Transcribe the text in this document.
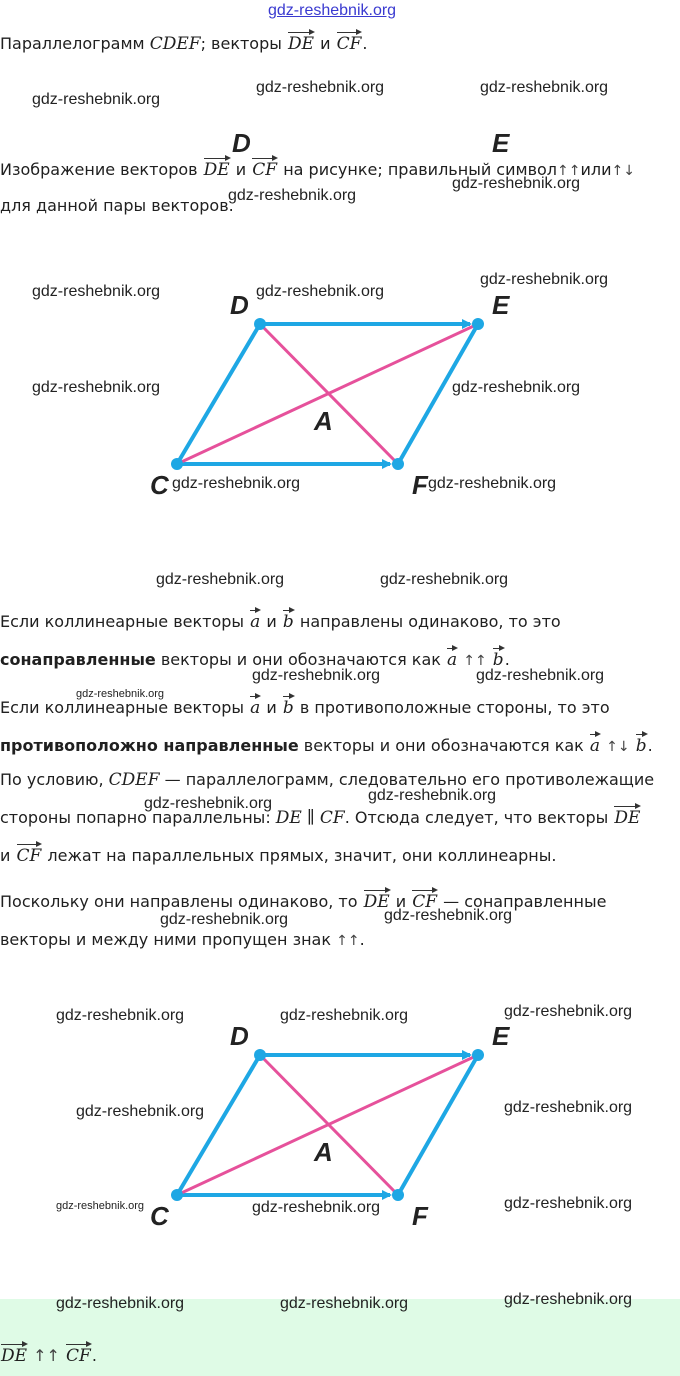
gdz-reshebnik.org
Параллелограмм CDEF; векторы DE и CF.
D	E
Изображение векторов DE и CF на рисунке; правильный символ↑↑или↑↓
для данной пары векторов.
D	E
A
C	F
Если коллинеарные векторы a и b направлены одинаково, то это
сонаправленные векторы и они обозначаются как a ↑↑ b.
Если коллинеарные векторы a и b в противоположные стороны, то это
противоположно направленные векторы и они обозначаются как a ↑↓ b.
По условию, CDEF — параллелограмм, следовательно его противолежащие
стороны попарно параллельны: DE ∥ CF. Отсюда следует, что векторы DE
и CF лежат на параллельных прямых, значит, они коллинеарны.
Поскольку они направлены одинаково, то DE и CF — сонаправленные
векторы и между ними пропущен знак ↑↑.
D	E
A
C	F
DE ↑↑ CF.
gdz-reshebnik.org
gdz-reshebnik.org	gdz-reshebnik.org
gdz-reshebnik.org
gdz-reshebnik.org
gdz-reshebnik.org	gdz-reshebnik.org
gdz-reshebnik.org
gdz-reshebnik.org	gdz-reshebnik.org
gdz-reshebnik.org	gdz-reshebnik.org
gdz-reshebnik.org	gdz-reshebnik.org
gdz-reshebnik.org	gdz-reshebnik.org
gdz-reshebnik.org
gdz-reshebnik.org	gdz-reshebnik.org
gdz-reshebnik.org	gdz-reshebnik.org
gdz-reshebnik.org	gdz-reshebnik.org	gdz-reshebnik.org
gdz-reshebnik.org	gdz-reshebnik.org
gdz-reshebnik.org	gdz-reshebnik.org	gdz-reshebnik.org
gdz-reshebnik.org	gdz-reshebnik.org	gdz-reshebnik.org
